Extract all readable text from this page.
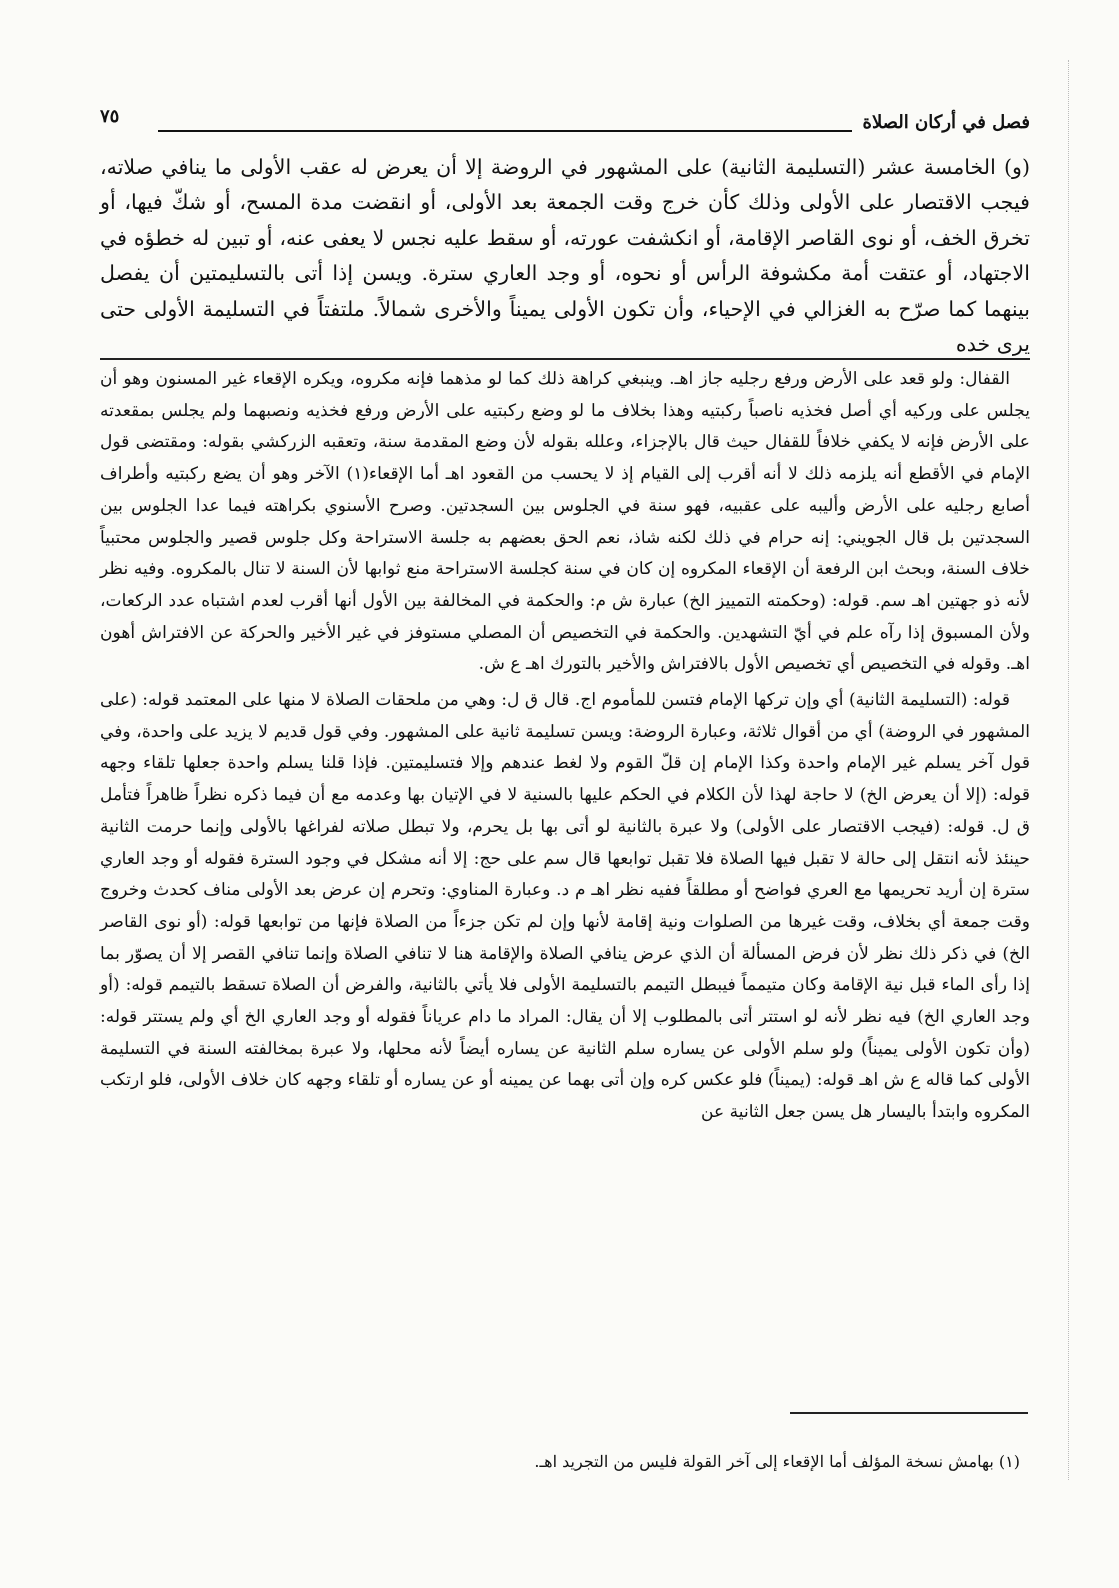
فصل في أركان الصلاة
٧٥

(و) الخامسة عشر (التسليمة الثانية) على المشهور في الروضة إلا أن يعرض له عقب الأولى ما ينافي صلاته، فيجب الاقتصار على الأولى وذلك كأن خرج وقت الجمعة بعد الأولى، أو انقضت مدة المسح، أو شكّ فيها، أو تخرق الخف، أو نوى القاصر الإقامة، أو انكشفت عورته، أو سقط عليه نجس لا يعفى عنه، أو تبين له خطؤه في الاجتهاد، أو عتقت أمة مكشوفة الرأس أو نحوه، أو وجد العاري سترة. ويسن إذا أتى بالتسليمتين أن يفصل بينهما كما صرّح به الغزالي في الإحياء، وأن تكون الأولى يميناً والأخرى شمالاً. ملتفتاً في التسليمة الأولى حتى يرى خده

القفال: ولو قعد على الأرض ورفع رجليه جاز اهـ. وينبغي كراهة ذلك كما لو مذهما فإنه مكروه، ويكره الإقعاء غير المسنون وهو أن يجلس على وركيه أي أصل فخذيه ناصباً ركبتيه وهذا بخلاف ما لو وضع ركبتيه على الأرض ورفع فخذيه ونصبهما ولم يجلس بمقعدته على الأرض فإنه لا يكفي خلافاً للقفال حيث قال بالإجزاء، وعلله بقوله لأن وضع المقدمة سنة، وتعقبه الزركشي بقوله: ومقتضى قول الإمام في الأقطع أنه يلزمه ذلك لا أنه أقرب إلى القيام إذ لا يحسب من القعود اهـ أما الإقعاء(١) الآخر وهو أن يضع ركبتيه وأطراف أصابع رجليه على الأرض وأليبه على عقبيه، فهو سنة في الجلوس بين السجدتين. وصرح الأسنوي بكراهته فيما عدا الجلوس بين السجدتين بل قال الجويني: إنه حرام في ذلك لكنه شاذ، نعم الحق بعضهم به جلسة الاستراحة وكل جلوس قصير والجلوس محتبياً خلاف السنة، وبحث ابن الرفعة أن الإقعاء المكروه إن كان في سنة كجلسة الاستراحة منع ثوابها لأن السنة لا تنال بالمكروه. وفيه نظر لأنه ذو جهتين اهـ سم. قوله: (وحكمته التمييز الخ) عبارة ش م: والحكمة في المخالفة بين الأول أنها أقرب لعدم اشتباه عدد الركعات، ولأن المسبوق إذا رآه علم في أيّ التشهدين. والحكمة في التخصيص أن المصلي مستوفز في غير الأخير والحركة عن الافتراش أهون اهـ. وقوله في التخصيص أي تخصيص الأول بالافتراش والأخير بالتورك اهـ ع ش.

قوله: (التسليمة الثانية) أي وإن تركها الإمام فتسن للمأموم اج. قال ق ل: وهي من ملحقات الصلاة لا منها على المعتمد قوله: (على المشهور في الروضة) أي من أقوال ثلاثة، وعبارة الروضة: ويسن تسليمة ثانية على المشهور. وفي قول قديم لا يزيد على واحدة، وفي قول آخر يسلم غير الإمام واحدة وكذا الإمام إن قلّ القوم ولا لغط عندهم وإلا فتسليمتين. فإذا قلنا يسلم واحدة جعلها تلقاء وجهه قوله: (إلا أن يعرض الخ) لا حاجة لهذا لأن الكلام في الحكم عليها بالسنية لا في الإتيان بها وعدمه مع أن فيما ذكره نظراً ظاهراً فتأمل ق ل. قوله: (فيجب الاقتصار على الأولى) ولا عبرة بالثانية لو أتى بها بل يحرم، ولا تبطل صلاته لفراغها بالأولى وإنما حرمت الثانية حينئذ لأنه انتقل إلى حالة لا تقبل فيها الصلاة فلا تقبل توابعها قال سم على حج: إلا أنه مشكل في وجود السترة فقوله أو وجد العاري سترة إن أريد تحريمها مع العري فواضح أو مطلقاً ففيه نظر اهـ م د. وعبارة المناوي: وتحرم إن عرض بعد الأولى مناف كحدث وخروج وقت جمعة أي بخلاف، وقت غيرها من الصلوات ونية إقامة لأنها وإن لم تكن جزءاً من الصلاة فإنها من توابعها قوله: (أو نوى القاصر الخ) في ذكر ذلك نظر لأن فرض المسألة أن الذي عرض ينافي الصلاة والإقامة هنا لا تنافي الصلاة وإنما تنافي القصر إلا أن يصوّر بما إذا رأى الماء قبل نية الإقامة وكان متيمماً فيبطل التيمم بالتسليمة الأولى فلا يأتي بالثانية، والفرض أن الصلاة تسقط بالتيمم قوله: (أو وجد العاري الخ) فيه نظر لأنه لو استتر أتى بالمطلوب إلا أن يقال: المراد ما دام عرياناً فقوله أو وجد العاري الخ أي ولم يستتر قوله: (وأن تكون الأولى يميناً) ولو سلم الأولى عن يساره سلم الثانية عن يساره أيضاً لأنه محلها، ولا عبرة بمخالفته السنة في التسليمة الأولى كما قاله ع ش اهـ قوله: (يميناً) فلو عكس كره وإن أتى بهما عن يمينه أو عن يساره أو تلقاء وجهه كان خلاف الأولى، فلو ارتكب المكروه وابتدأ باليسار هل يسن جعل الثانية عن

(١) بهامش نسخة المؤلف أما الإقعاء إلى آخر القولة فليس من التجريد اهـ.
